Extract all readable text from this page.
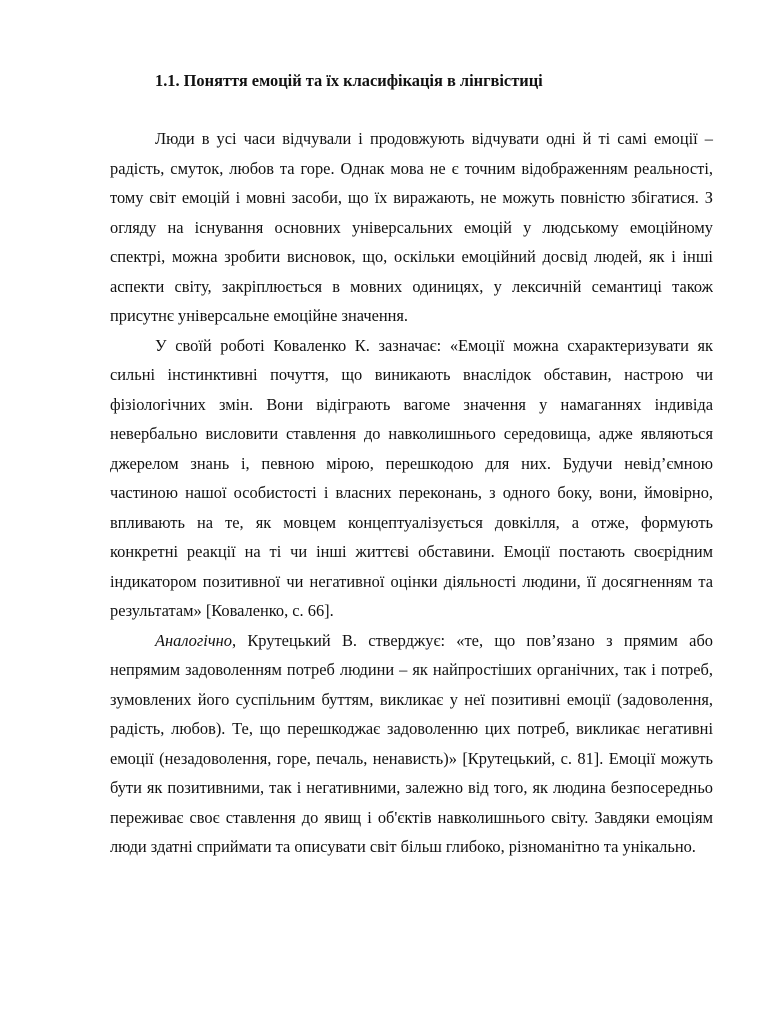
1.1. Поняття емоцій та їх класифікація в лінгвістиці

Люди в усі часи відчували і продовжують відчувати одні й ті самі емоції – радість, смуток, любов та горе. Однак мова не є точним відображенням реальності, тому світ емоцій і мовні засоби, що їх виражають, не можуть повністю збігатися. З огляду на існування основних універсальних емоцій у людському емоційному спектрі, можна зробити висновок, що, оскільки емоційний досвід людей, як і інші аспекти світу, закріплюється в мовних одиницях, у лексичній семантиці також присутнє універсальне емоційне значення.

У своїй роботі Коваленко К. зазначає: «Емоції можна схарактеризувати як сильні інстинктивні почуття, що виникають внаслідок обставин, настрою чи фізіологічних змін. Вони відіграють вагоме значення у намаганнях індивіда невербально висловити ставлення до навколишнього середовища, адже являються джерелом знань і, певною мірою, перешкодою для них. Будучи невід’ємною частиною нашої особистості і власних переконань, з одного боку, вони, ймовірно, впливають на те, як мовцем концептуалізується довкілля, а отже, формують конкретні реакції на ті чи інші життєві обставини. Емоції постають своєрідним індикатором позитивної чи негативної оцінки діяльності людини, її досягненням та результатам» [Коваленко, с. 66].

Аналогічно, Крутецький В. стверджує: «те, що пов’язано з прямим або непрямим задоволенням потреб людини – як найпростіших органічних, так і потреб, зумовлених його суспільним буттям, викликає у неї позитивні емоції (задоволення, радість, любов). Те, що перешкоджає задоволенню цих потреб, викликає негативні емоції (незадоволення, горе, печаль, ненависть)» [Крутецький, с. 81]. Емоції можуть бути як позитивними, так і негативними, залежно від того, як людина безпосередньо переживає своє ставлення до явищ і об'єктів навколишнього світу. Завдяки емоціям люди здатні сприймати та описувати світ більш глибоко, різноманітно та унікально.
